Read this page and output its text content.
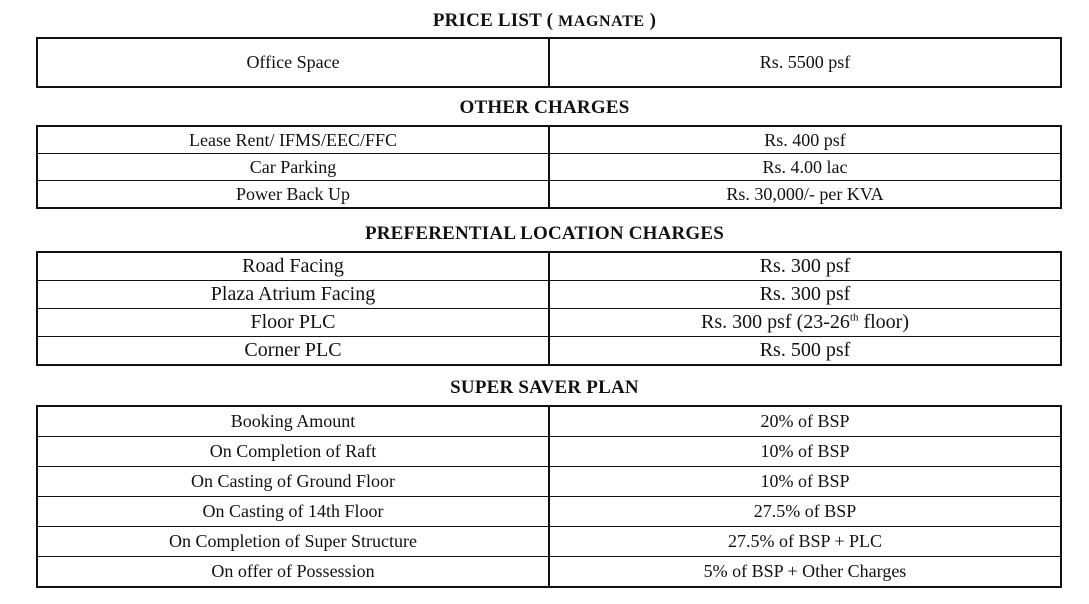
PRICE LIST ( MAGNATE )
Office Space	Rs. 5500 psf
OTHER CHARGES
Lease Rent/ IFMS/EEC/FFC	Rs. 400 psf
Car Parking	Rs. 4.00 lac
Power Back Up	Rs. 30,000/- per KVA
PREFERENTIAL LOCATION CHARGES
Road Facing	Rs. 300 psf
Plaza Atrium Facing	Rs. 300 psf
Floor PLC	Rs. 300 psf (23-26th floor)
Corner PLC	Rs. 500 psf
SUPER SAVER PLAN
Booking Amount	20% of BSP
On Completion of Raft	10% of BSP
On Casting of Ground Floor	10% of BSP
On Casting of 14th Floor	27.5% of BSP
On Completion of Super Structure	27.5% of BSP + PLC
On offer of Possession	5% of BSP + Other Charges
